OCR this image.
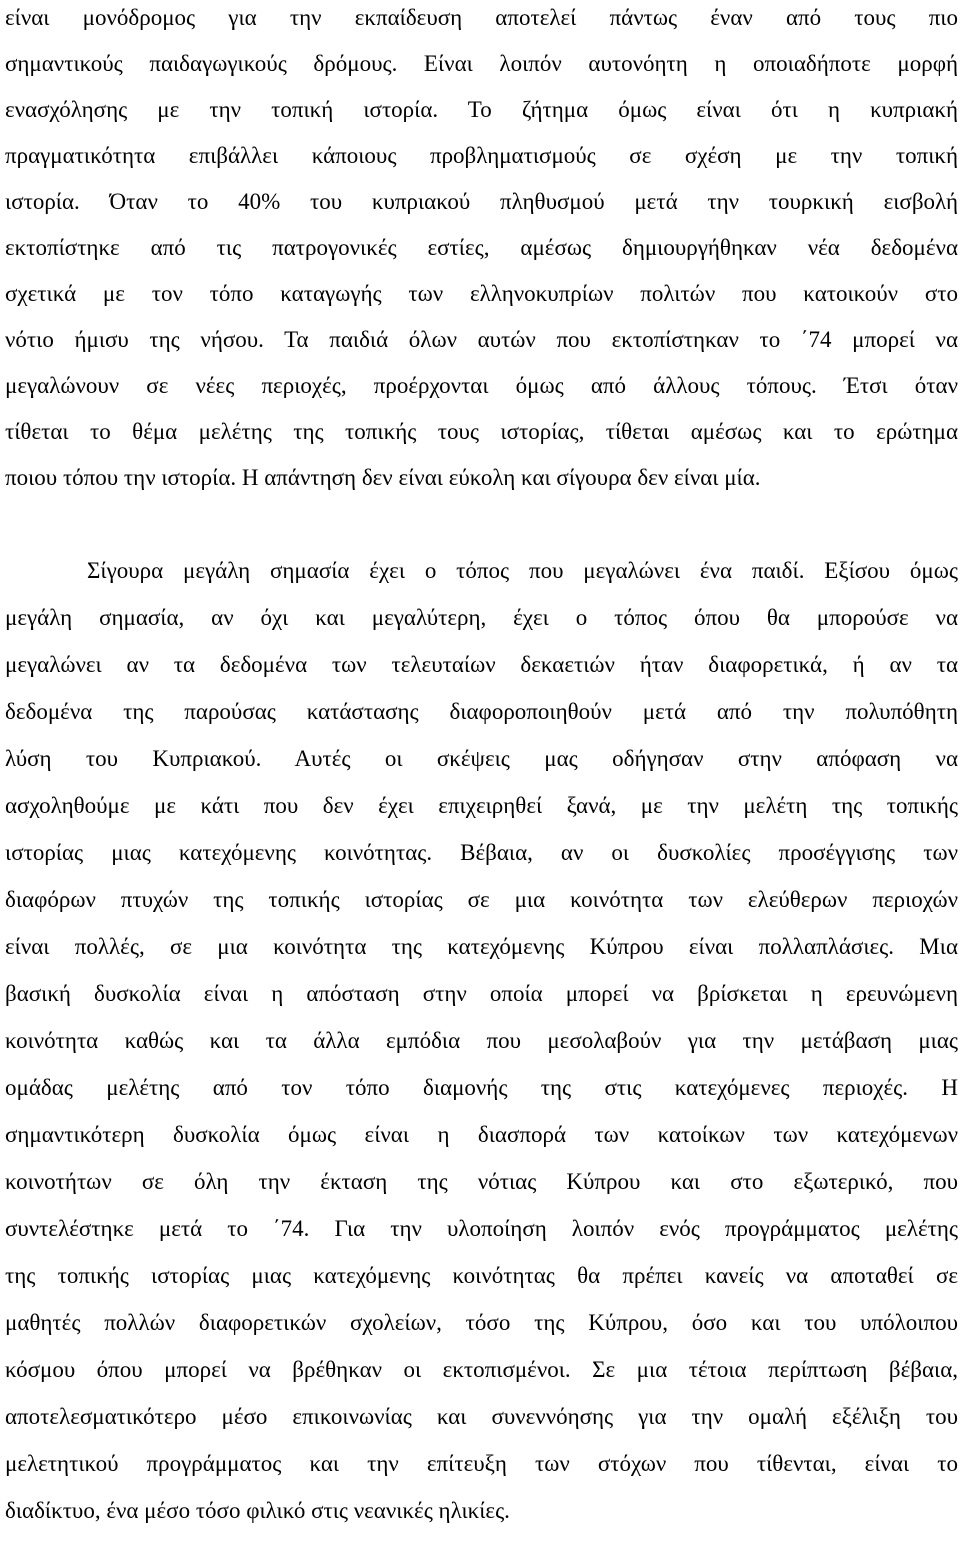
είναι μονόδρομος για την εκπαίδευση αποτελεί πάντως έναν από τους πιο
σημαντικούς παιδαγωγικούς δρόμους. Είναι λοιπόν αυτονόητη η οποιαδήποτε μορφή
ενασχόλησης με την τοπική ιστορία. Το ζήτημα όμως είναι ότι η κυπριακή
πραγματικότητα επιβάλλει κάποιους προβληματισμούς σε σχέση με την τοπική
ιστορία. Όταν το 40% του κυπριακού πληθυσμού μετά την τουρκική εισβολή
εκτοπίστηκε από τις πατρογονικές εστίες, αμέσως δημιουργήθηκαν νέα δεδομένα
σχετικά με τον τόπο καταγωγής των ελληνοκυπρίων πολιτών που κατοικούν στο
νότιο ήμισυ της νήσου. Τα παιδιά όλων αυτών που εκτοπίστηκαν το ΄74 μπορεί να
μεγαλώνουν σε νέες περιοχές, προέρχονται όμως από άλλους τόπους. Έτσι όταν
τίθεται το θέμα μελέτης της τοπικής τους ιστορίας, τίθεται αμέσως και το ερώτημα
ποιου τόπου την ιστορία. Η απάντηση δεν είναι εύκολη και σίγουρα δεν είναι μία.
Σίγουρα μεγάλη σημασία έχει ο τόπος που μεγαλώνει ένα παιδί. Εξίσου όμως
μεγάλη σημασία, αν όχι και μεγαλύτερη, έχει ο τόπος όπου θα μπορούσε να
μεγαλώνει αν τα δεδομένα των τελευταίων δεκαετιών ήταν διαφορετικά, ή αν τα
δεδομένα της παρούσας κατάστασης διαφοροποιηθούν μετά από την πολυπόθητη
λύση του Κυπριακού. Αυτές οι σκέψεις μας οδήγησαν στην απόφαση να
ασχοληθούμε με κάτι που δεν έχει επιχειρηθεί ξανά, με την μελέτη της τοπικής
ιστορίας μιας κατεχόμενης κοινότητας. Βέβαια, αν οι δυσκολίες προσέγγισης των
διαφόρων πτυχών της τοπικής ιστορίας σε μια κοινότητα των ελεύθερων περιοχών
είναι πολλές, σε μια κοινότητα της κατεχόμενης Κύπρου είναι πολλαπλάσιες. Μια
βασική δυσκολία είναι η απόσταση στην οποία μπορεί να βρίσκεται η ερευνώμενη
κοινότητα καθώς και τα άλλα εμπόδια που μεσολαβούν για την μετάβαση μιας
ομάδας μελέτης από τον τόπο διαμονής της στις κατεχόμενες περιοχές. Η
σημαντικότερη δυσκολία όμως είναι η διασπορά των κατοίκων των κατεχόμενων
κοινοτήτων σε όλη την έκταση της νότιας Κύπρου και στο εξωτερικό, που
συντελέστηκε μετά το ΄74. Για την υλοποίηση λοιπόν ενός προγράμματος μελέτης
της τοπικής ιστορίας μιας κατεχόμενης κοινότητας θα πρέπει κανείς να αποταθεί σε
μαθητές πολλών διαφορετικών σχολείων, τόσο της Κύπρου, όσο και του υπόλοιπου
κόσμου όπου μπορεί να βρέθηκαν οι εκτοπισμένοι. Σε μια τέτοια περίπτωση βέβαια,
αποτελεσματικότερο μέσο επικοινωνίας και συνεννόησης για την ομαλή εξέλιξη του
μελετητικού προγράμματος και την επίτευξη των στόχων που τίθενται, είναι το
διαδίκτυο, ένα μέσο τόσο φιλικό στις νεανικές ηλικίες.
